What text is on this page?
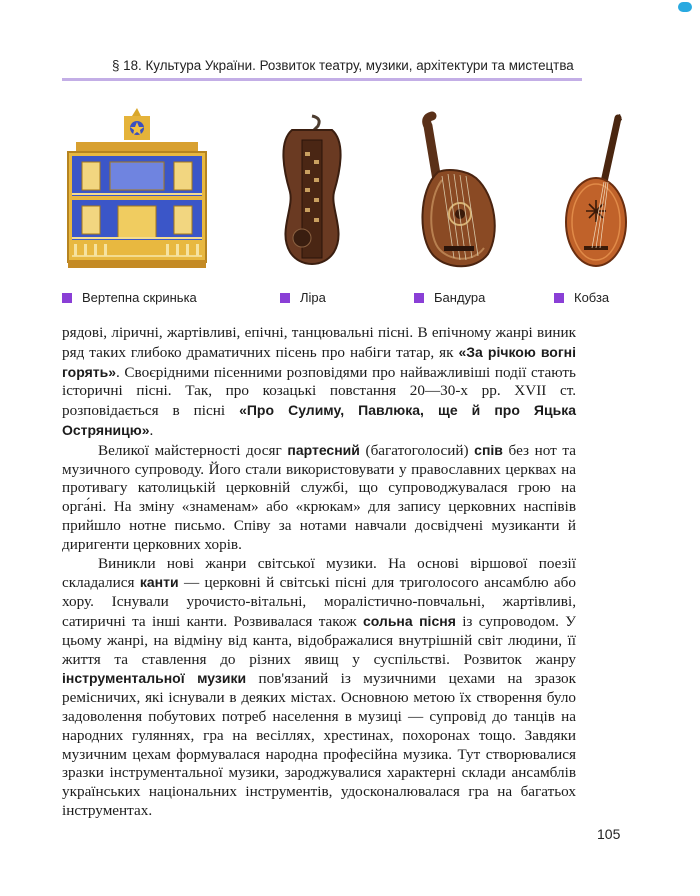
§ 18. Культура України. Розвиток театру, музики, архітектури та мистецтва
Вертепна скринька	Ліра	Бандура	Кобза

рядові, ліричні, жартівливі, епічні, танцювальні пісні. В епічному жанрі виник ряд таких глибоко драматичних пісень про набіги татар, як «За річкою вогні горять». Своєрідними пісенними розповідями про найважливіші події стають історичні пісні. Так, про козацькі повстання 20—30-х рр. XVII ст. розповідається в пісні «Про Сулиму, Павлюка, ще й про Яцька Остряницю».

Великої майстерності досяг партесний (багатоголосий) спів без нот та музичного супроводу. Його стали використовувати у православних церквах на противагу католицькій церковній службі, що супроводжувалася грою на орга́ні. На зміну «знаменам» або «крюкам» для запису церковних наспівів прийшло нотне письмо. Співу за нотами навчали досвідчені музиканти й диригенти церковних хорів.

Виникли нові жанри світської музики. На основі віршової поезії складалися канти — церковні й світські пісні для триголосого ансамблю або хору. Існували урочисто-вітальні, моралістично-повчальні, жартівливі, сатиричні та інші канти. Розвивалася також сольна пісня із супроводом. У цьому жанрі, на відміну від канта, відображалися внутрішній світ людини, її життя та ставлення до різних явищ у суспільстві. Розвиток жанру інструментальної музики пов'язаний із музичними цехами на зразок ремісничих, які існували в деяких містах. Основною метою їх створення було задоволення побутових потреб населення в музиці — супровід до танців на народних гуляннях, гра на весіллях, хрестинах, похоронах тощо. Завдяки музичним цехам формувалася народна професійна музика. Тут створювалися зразки інструментальної музики, зароджувалися характерні склади ансамблів українських національних інструментів, удосконалювалася гра на багатьох інструментах.

105
